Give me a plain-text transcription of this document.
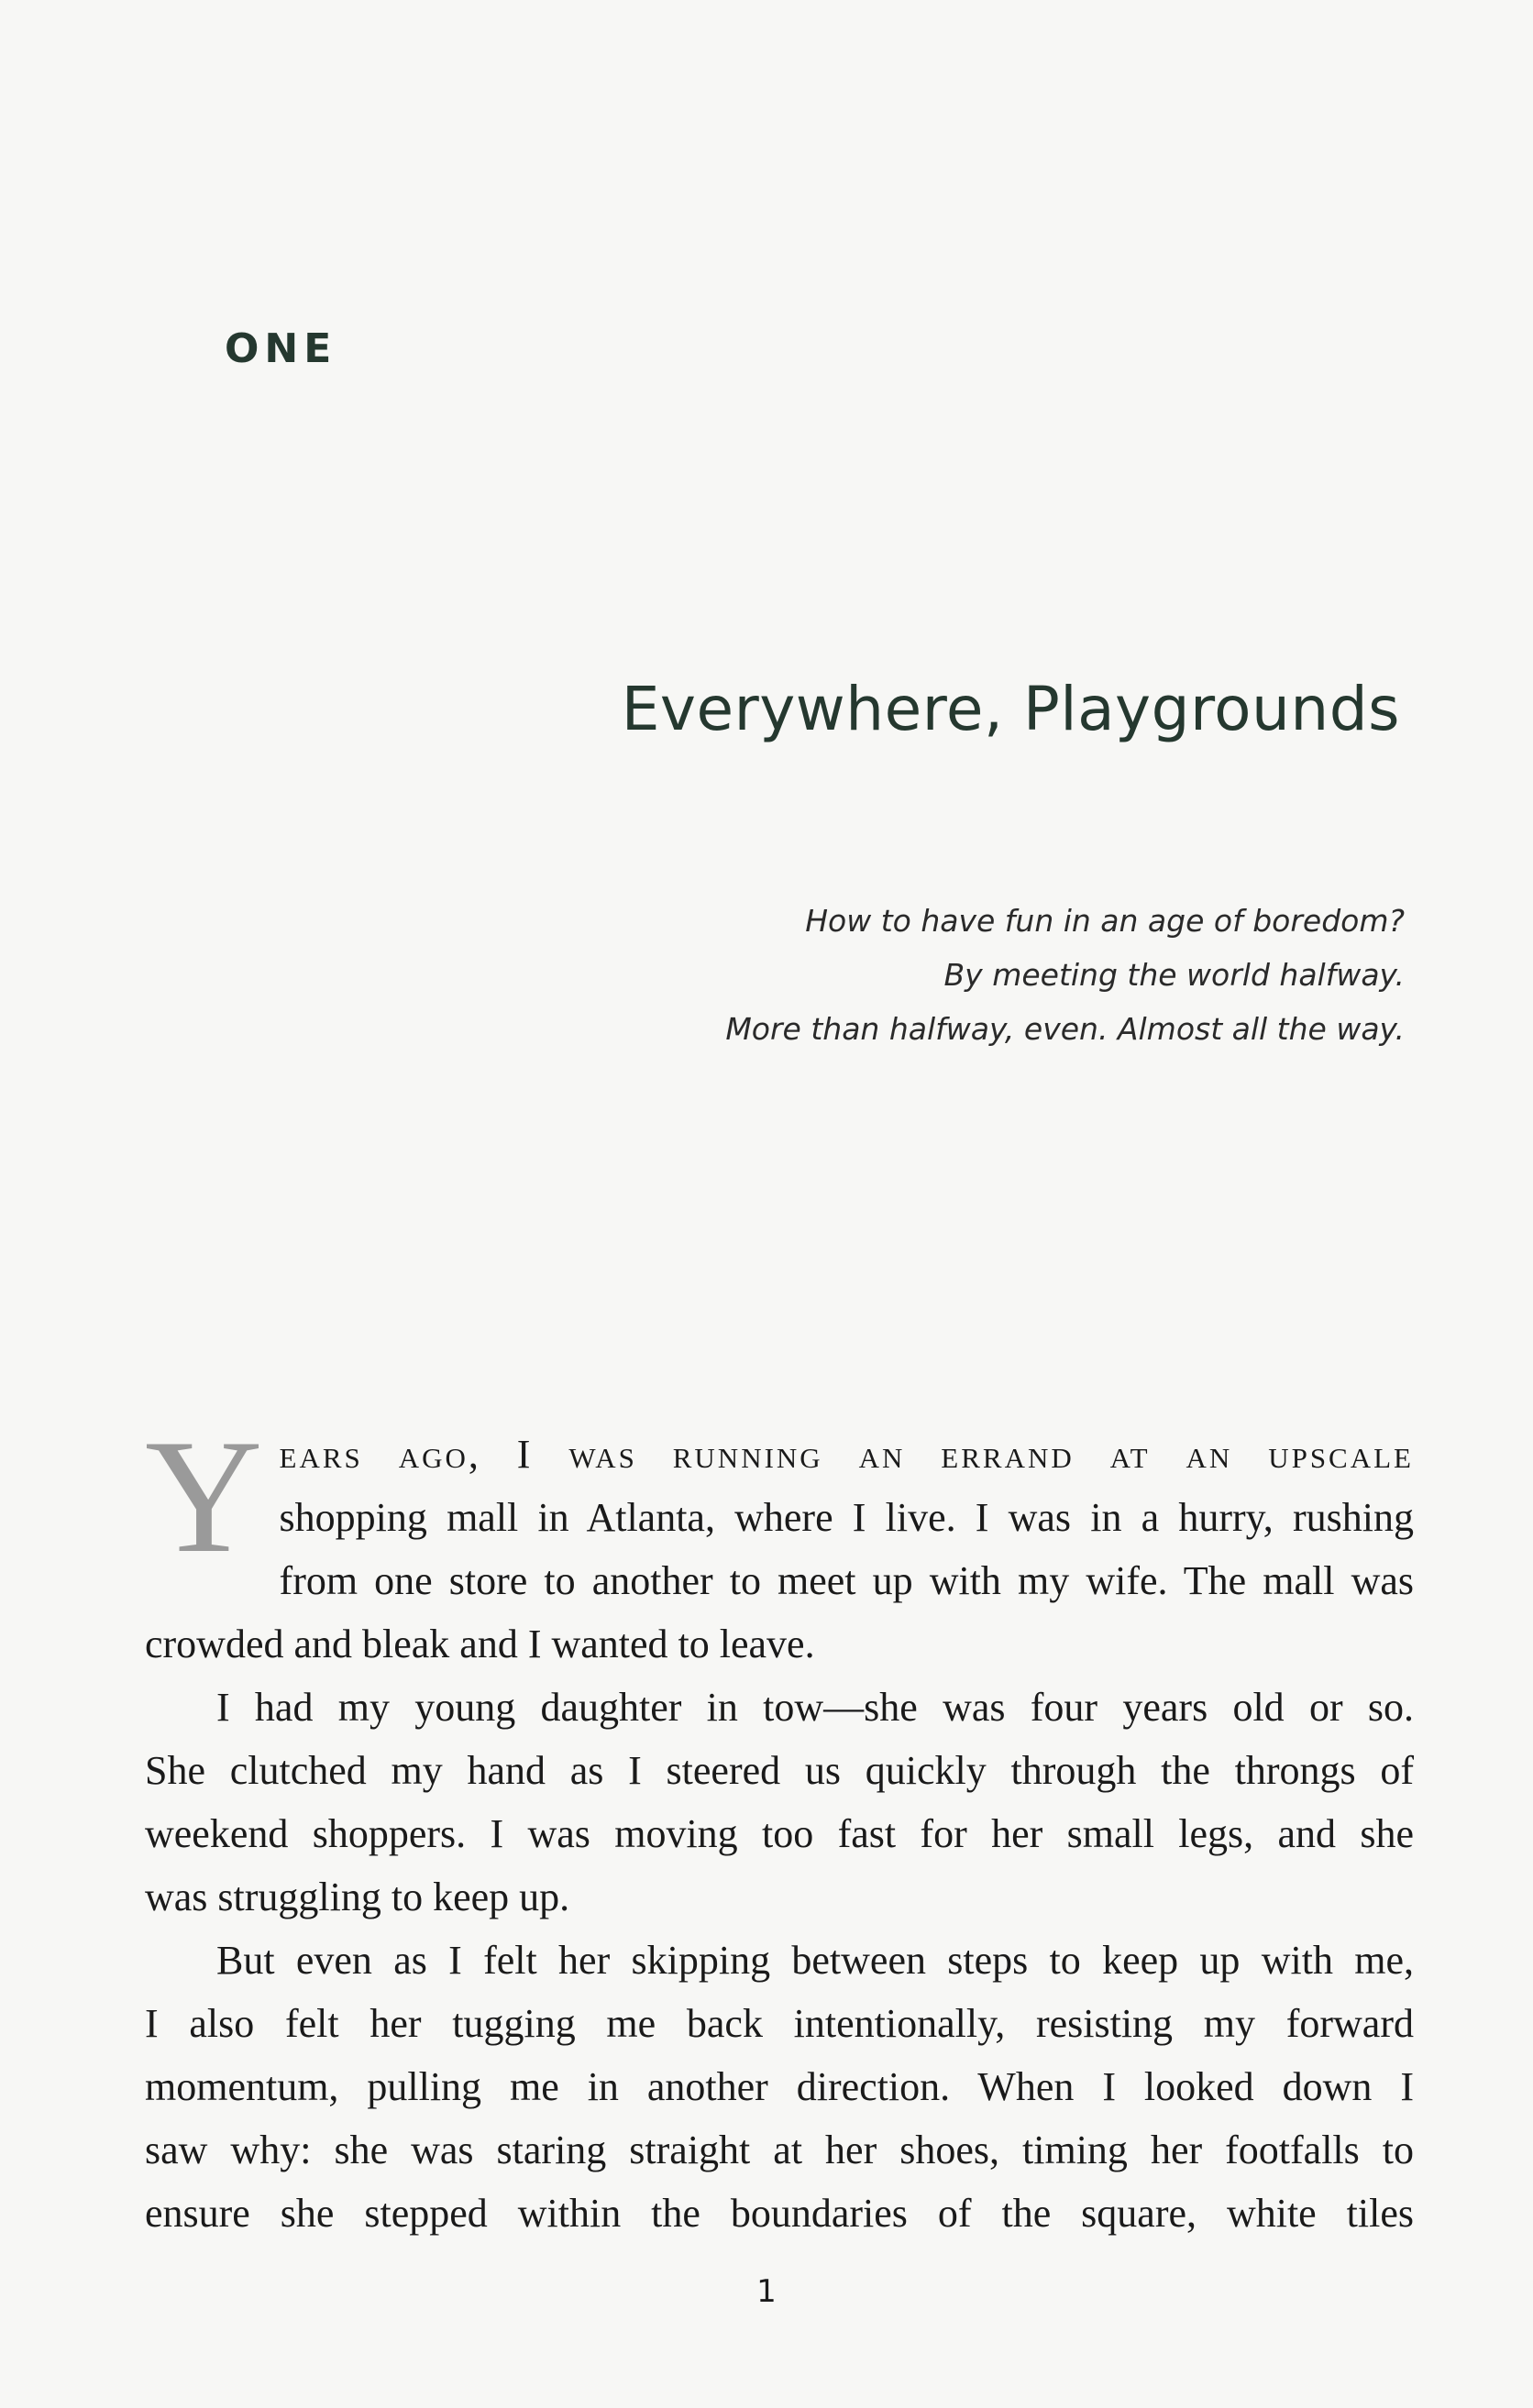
ONE
Everywhere, Playgrounds
How to have fun in an age of boredom?
By meeting the world halfway.
More than halfway, even. Almost all the way.

Y ears ago, I was running an errand at an upscale
shopping mall in Atlanta, where I live. I was in a hurry, rushing
from one store to another to meet up with my wife. The mall was
crowded and bleak and I wanted to leave.

I had my young daughter in tow—she was four years old or so.
She clutched my hand as I steered us quickly through the throngs of
weekend shoppers. I was moving too fast for her small legs, and she
was struggling to keep up.

But even as I felt her skipping between steps to keep up with me,
I also felt her tugging me back intentionally, resisting my forward
momentum, pulling me in another direction. When I looked down I
saw why: she was staring straight at her shoes, timing her footfalls to
ensure she stepped within the boundaries of the square, white tiles

1
